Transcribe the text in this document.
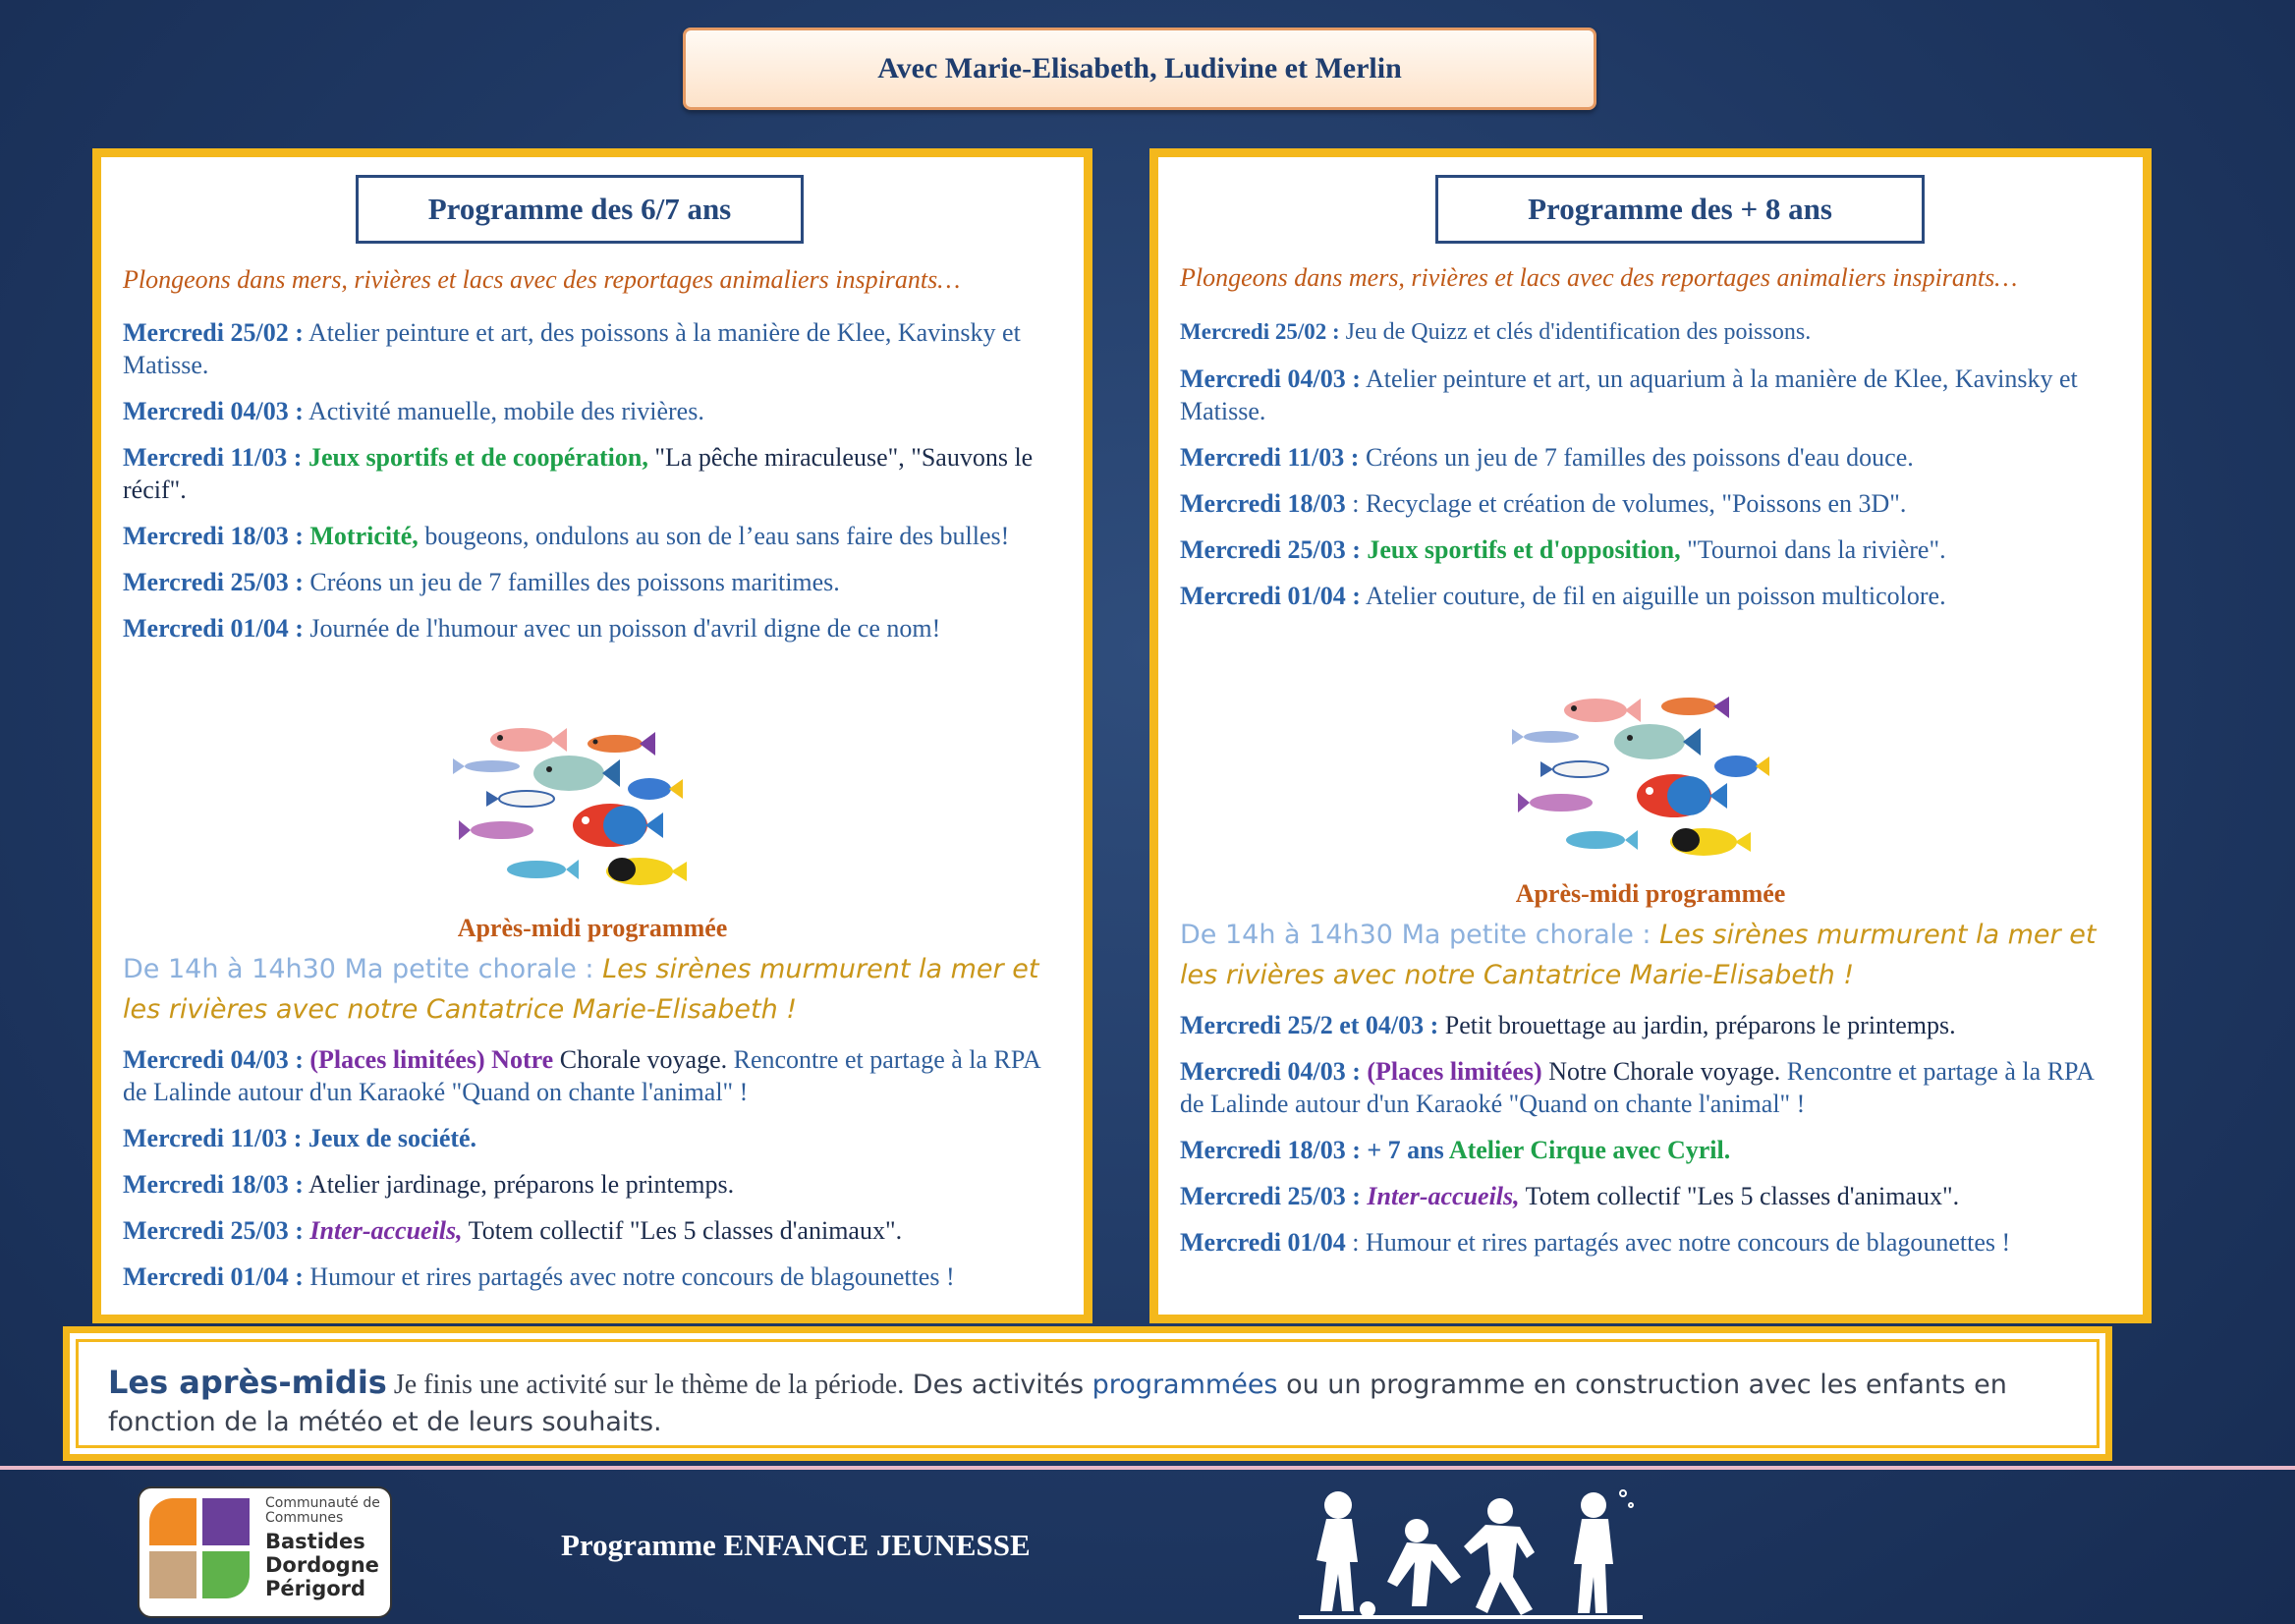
Avec Marie-Elisabeth, Ludivine et Merlin
Programme des 6/7 ans
Plongeons dans mers, rivières et lacs avec des reportages animaliers inspirants…

Mercredi 25/02 : Atelier peinture et art, des poissons à la manière de Klee, Kavinsky et Matisse.

Mercredi 04/03 : Activité manuelle, mobile des rivières.

Mercredi 11/03 : Jeux sportifs et de coopération, "La pêche miraculeuse", "Sauvons le récif".

Mercredi 18/03 : Motricité, bougeons, ondulons au son de l’eau sans faire des bulles!

Mercredi 25/03 : Créons un jeu de 7 familles des poissons maritimes.

Mercredi 01/04 : Journée de l'humour avec un poisson d'avril digne de ce nom!

Après-midi programmée

De 14h à 14h30 Ma petite chorale : Les sirènes murmurent la mer et les rivières avec notre Cantatrice Marie-Elisabeth !

Mercredi 04/03 : (Places limitées) Notre Chorale voyage. Rencontre et partage à la RPA de Lalinde autour d'un Karaoké "Quand on chante l'animal" !

Mercredi 11/03 : Jeux de société.

Mercredi 18/03 : Atelier jardinage, préparons le printemps.

Mercredi 25/03 : Inter-accueils, Totem collectif "Les 5 classes d'animaux".

Mercredi 01/04 : Humour et rires partagés avec notre concours de blagounettes !

Programme des + 8 ans
Plongeons dans mers, rivières et lacs avec des reportages animaliers inspirants…

Mercredi 25/02 : Jeu de Quizz et clés d'identification des poissons.

Mercredi 04/03 : Atelier peinture et art, un aquarium à la manière de Klee, Kavinsky et Matisse.

Mercredi 11/03 : Créons un jeu de 7 familles des poissons d'eau douce.

Mercredi 18/03 : Recyclage et création de volumes, "Poissons en 3D".

Mercredi 25/03 : Jeux sportifs et d'opposition, "Tournoi dans la rivière".

Mercredi 01/04 : Atelier couture, de fil en aiguille un poisson multicolore.

Après-midi programmée

De 14h à 14h30 Ma petite chorale : Les sirènes murmurent la mer et les rivières avec notre Cantatrice Marie-Elisabeth !

Mercredi 25/2 et 04/03 : Petit brouettage au jardin, préparons le printemps.

Mercredi 04/03 : (Places limitées) Notre Chorale voyage. Rencontre et partage à la RPA de Lalinde autour d'un Karaoké "Quand on chante l'animal" !

Mercredi 18/03 : + 7 ans Atelier Cirque avec Cyril.

Mercredi 25/03 : Inter-accueils, Totem collectif "Les 5 classes d'animaux".

Mercredi 01/04 : Humour et rires partagés avec notre concours de blagounettes !

Les après-midis Je finis une activité sur le thème de la période. Des activités programmées ou un programme en construction avec les enfants en fonction de la météo et de leurs souhaits.
Communauté de Communes
Bastides
Dordogne
Périgord
Programme ENFANCE JEUNESSE
